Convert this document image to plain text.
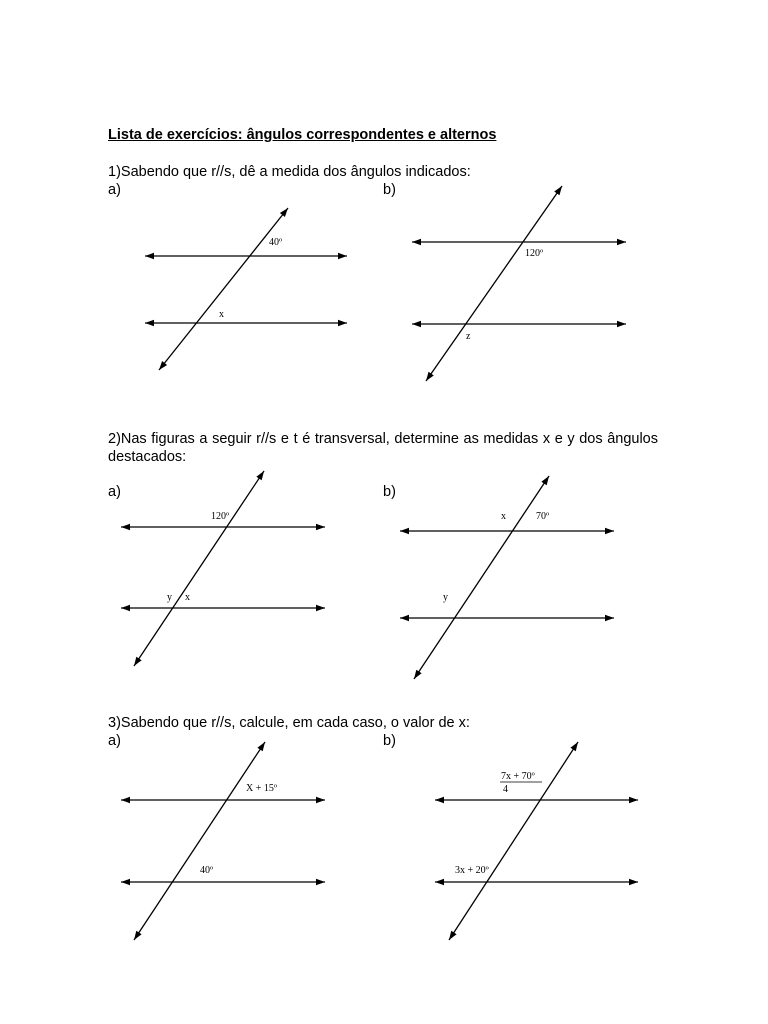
Lista de exercícios: ângulos correspondentes e alternos

1)Sabendo que r//s, dê a medida dos ângulos indicados:

a)	b)

2)Nas figuras a seguir r//s e t é transversal, determine as medidas x e y dos ângulos destacados:

a)	b)

3)Sabendo que r//s, calcule, em cada caso, o valor de x:

a)	b)

40º
x
120º
z
120º
y x
x	70º
y
X + 15º
40º
7x + 70º
4
3x + 20º
